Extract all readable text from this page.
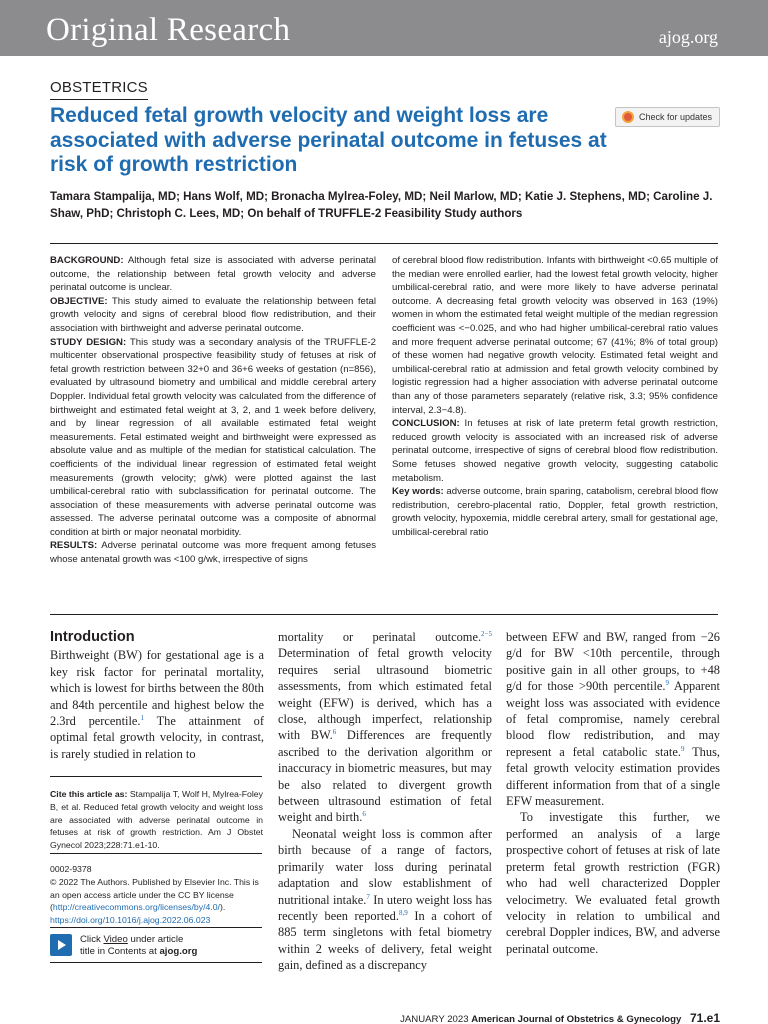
Original Research	ajog.org
OBSTETRICS
Reduced fetal growth velocity and weight loss are associated with adverse perinatal outcome in fetuses at risk of growth restriction
Check for updates
Tamara Stampalija, MD; Hans Wolf, MD; Bronacha Mylrea-Foley, MD; Neil Marlow, MD; Katie J. Stephens, MD; Caroline J. Shaw, PhD; Christoph C. Lees, MD; On behalf of TRUFFLE-2 Feasibility Study authors

BACKGROUND: Although fetal size is associated with adverse perinatal outcome, the relationship between fetal growth velocity and adverse perinatal outcome is unclear.

OBJECTIVE: This study aimed to evaluate the relationship between fetal growth velocity and signs of cerebral blood flow redistribution, and their association with birthweight and adverse perinatal outcome.

STUDY DESIGN: This study was a secondary analysis of the TRUFFLE-2 multicenter observational prospective feasibility study of fetuses at risk of fetal growth restriction between 32+0 and 36+6 weeks of gestation (n=856), evaluated by ultrasound biometry and umbilical and middle cerebral artery Doppler. Individual fetal growth velocity was calculated from the difference of birthweight and estimated fetal weight at 3, 2, and 1 week before delivery, and by linear regression of all available estimated fetal weight measurements. Fetal estimated weight and birthweight were expressed as absolute value and as multiple of the median for statistical calculation. The coefficients of the individual linear regression of estimated fetal weight measurements (growth velocity; g/wk) were plotted against the last umbilical-cerebral ratio with subclassification for perinatal outcome. The association of these measurements with adverse perinatal outcome was assessed. The adverse perinatal outcome was a composite of abnormal condition at birth or major neonatal morbidity.

RESULTS: Adverse perinatal outcome was more frequent among fetuses whose antenatal growth was <100 g/wk, irrespective of signs

of cerebral blood flow redistribution. Infants with birthweight <0.65 multiple of the median were enrolled earlier, had the lowest fetal growth velocity, higher umbilical-cerebral ratio, and were more likely to have adverse perinatal outcome. A decreasing fetal growth velocity was observed in 163 (19%) women in whom the estimated fetal weight multiple of the median regression coefficient was <−0.025, and who had higher umbilical-cerebral ratio values and more frequent adverse perinatal outcome; 67 (41%; 8% of total group) of these women had negative growth velocity. Estimated fetal weight and umbilical-cerebral ratio at admission and fetal growth velocity combined by logistic regression had a higher association with adverse perinatal outcome than any of those parameters separately (relative risk, 3.3; 95% confidence interval, 2.3−4.8).

CONCLUSION: In fetuses at risk of late preterm fetal growth restriction, reduced growth velocity is associated with an increased risk of adverse perinatal outcome, irrespective of signs of cerebral blood flow redistribution. Some fetuses showed negative growth velocity, suggesting catabolic metabolism.

Key words: adverse outcome, brain sparing, catabolism, cerebral blood flow redistribution, cerebro-placental ratio, Doppler, fetal growth restriction, growth velocity, hypoxemia, middle cerebral artery, small for gestational age, umbilical-cerebral ratio

Introduction

Birthweight (BW) for gestational age is a key risk factor for perinatal mortality, which is lowest for births between the 80th and 84th percentile and highest below the 2.3rd percentile.$^1$ The attainment of optimal fetal growth velocity, in contrast, is rarely studied in relation to

Cite this article as: Stampalija T, Wolf H, Mylrea-Foley B, et al. Reduced fetal growth velocity and weight loss are associated with adverse perinatal outcome in fetuses at risk of growth restriction. Am J Obstet Gynecol 2023;228:71.e1-10.
0002-9378
© 2022 The Authors. Published by Elsevier Inc. This is an open access article under the CC BY license (http://creativecommons.org/licenses/by/4.0/).
https://doi.org/10.1016/j.ajog.2022.06.023
Click Video under article
title in Contents at ajog.org

mortality or perinatal outcome.$^{2-5}$ Determination of fetal growth velocity requires serial ultrasound biometric assessments, from which estimated fetal weight (EFW) is derived, which has a close, although imperfect, relationship with BW.$^6$ Differences are frequently ascribed to the derivation algorithm or inaccuracy in biometric measures, but may be also related to divergent growth between ultrasound estimation of fetal weight and birth.$^6$

Neonatal weight loss is common after birth because of a range of factors, primarily water loss during perinatal adaptation and slow establishment of nutritional intake.$^7$ In utero weight loss has recently been reported.$^{8,9}$ In a cohort of 885 term singletons with fetal biometry within 2 weeks of delivery, fetal weight gain, defined as a discrepancy

between EFW and BW, ranged from −26 g/d for BW <10th percentile, through positive gain in all other groups, to +48 g/d for those >90th percentile.$^9$ Apparent weight loss was associated with evidence of fetal compromise, namely cerebral blood flow redistribution, and may represent a fetal catabolic state.$^9$ Thus, fetal growth velocity estimation provides different information from that of a single EFW measurement.

To investigate this further, we performed an analysis of a large prospective cohort of fetuses at risk of late preterm fetal growth restriction (FGR) who had well characterized Doppler velocimetry. We evaluated fetal growth velocity in relation to umbilical and cerebral Doppler indices, BW, and adverse perinatal outcome.

JANUARY 2023 American Journal of Obstetrics & Gynecology 71.e1
